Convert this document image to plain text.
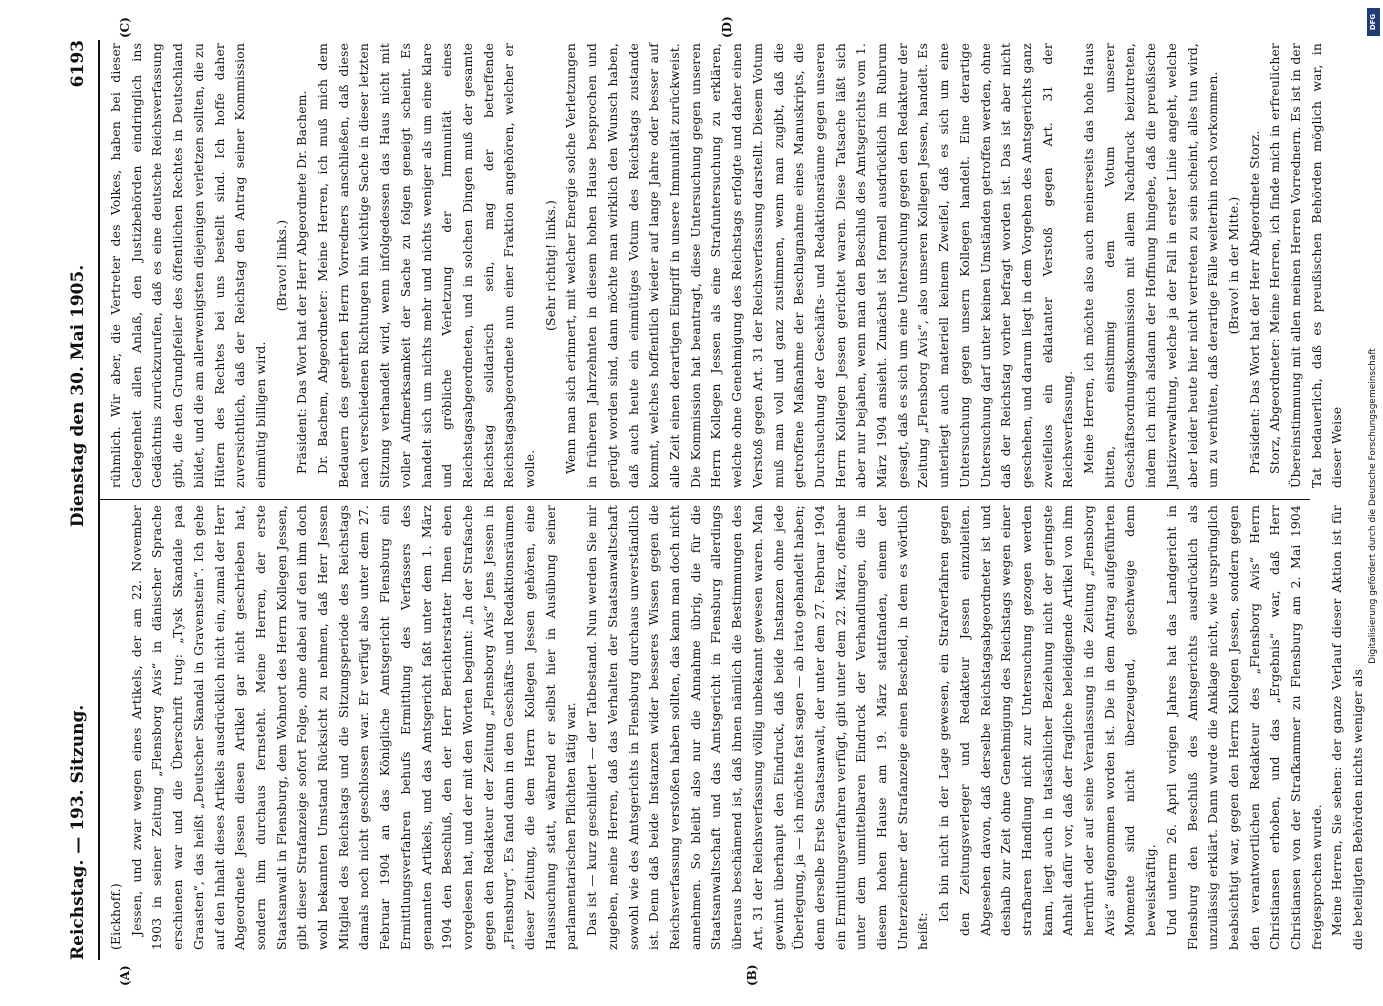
Reichstag. — 193. Sitzung.
Dienstag den 30. Mai 1905.
6193
(A)	(B)
(C)	(D)

(Eickhoff.) Jessen, und zwar wegen eines Artikels, der am 22. November 1903 in seiner Zeitung „Flensborg Avis“ in dänischer Sprache erschienen war und die Überschrift trug: „Tysk Skandale paa Graasten“, das heißt „Deutscher Skandal in Gravenstein“. Ich gehe auf den Inhalt dieses Artikels ausdrücklich nicht ein, zumal der Herr Abgeordnete Jessen diesen Artikel gar nicht geschrieben hat, sondern ihm durchaus fernsteht. Meine Herren, der erste Staatsanwalt in Flensburg, dem Wohnort des Herrn Kollegen Jessen, gibt dieser Strafanzeige sofort Folge, ohne dabei auf den ihm doch wohl bekannten Umstand Rücksicht zu nehmen, daß Herr Jessen Mitglied des Reichstags und die Sitzungsperiode des Reichstags damals noch nicht geschlossen war. Er verfügt also unter dem 27. Februar 1904 an das Königliche Amtsgericht Flensburg ein Ermittlungsverfahren behufs Ermittlung des Verfassers des genannten Artikels, und das Amtsgericht faßt unter dem 1. März 1904 den Beschluß, den der Herr Berichterstatter Ihnen eben vorgelesen hat, und der mit den Worten beginnt: „In der Strafsache gegen den Redakteur der Zeitung „Flensborg Avis“ Jens Jessen in „Flensburg“. Es fand dann in den Geschäfts- und Redaktionsräumen dieser Zeitung, die dem Herrn Kollegen Jessen gehören, eine Haussuchung statt, während er selbst hier in Ausübung seiner parlamentarischen Pflichten tätig war. Das ist — kurz geschildert — der Tatbestand. Nun werden Sie mir zugeben, meine Herren, daß das Verhalten der Staatsanwaltschaft sowohl wie des Amtsgerichts in Flensburg durchaus unverständlich ist. Denn daß beide Instanzen wider besseres Wissen gegen die Reichsverfassung verstoßen haben sollten, das kann man doch nicht annehmen. So bleibt also nur die Annahme übrig, die für die Staatsanwaltschaft und das Amtsgericht in Flensburg allerdings überaus beschämend ist, daß ihnen nämlich die Bestimmungen des Art. 31 der Reichsverfassung völlig unbekannt gewesen waren. Man gewinnt überhaupt den Eindruck, daß beide Instanzen ohne jede Überlegung, ja — ich möchte fast sagen — ab irato gehandelt haben; denn derselbe Erste Staatsanwalt, der unter dem 27. Februar 1904 ein Ermittlungsverfahren verfügt, gibt unter dem 22. März, offenbar unter dem unmittelbaren Eindruck der Verhandlungen, die in diesem hohen Hause am 19. März stattfanden, einem der Unterzeichner der Strafanzeige einen Bescheid, in dem es wörtlich heißt:

Ich bin nicht in der Lage gewesen, ein Strafverfahren gegen den Zeitungsverleger und Redakteur Jessen einzuleiten. Abgesehen davon, daß derselbe Reichstagsabgeordneter ist und deshalb zur Zeit ohne Genehmigung des Reichstags wegen einer strafbaren Handlung nicht zur Untersuchung gezogen werden kann, liegt auch in tatsächlicher Beziehung nicht der geringste Anhalt dafür vor, daß der fragliche beleidigende Artikel von ihm herrührt oder auf seine Veranlassung in die Zeitung „Flensborg Avis“ aufgenommen worden ist. Die in dem Antrag aufgeführten Momente sind nicht überzeugend, geschweige denn beweiskräftig. Und unterm 26. April vorigen Jahres hat das Landgericht in Flensburg den Beschluß des Amtsgerichts ausdrücklich als unzulässig erklärt. Dann wurde die Anklage nicht, wie ursprünglich beabsichtigt war, gegen den Herrn Kollegen Jessen, sondern gegen den verantwortlichen Redakteur des „Flensborg Avis“ Herrn Christiansen erhoben, und das „Ergebnis“ war, daß Herr Christiansen von der Strafkammer zu Flensburg am 2. Mai 1904 freigesprochen wurde. Meine Herren, Sie sehen: der ganze Verlauf dieser Aktion ist für die beteiligten Behörden nichts weniger als

rühmlich. Wir aber, die Vertreter des Volkes, haben bei dieser Gelegenheit allen Anlaß, den Justizbehörden eindringlich ins Gedächtnis zurückzurufen, daß es eine deutsche Reichsverfassung gibt, die den Grundpfeiler des öffentlichen Rechtes in Deutschland bildet, und die am allerwenigsten diejenigen verletzen sollten, die zu Hütern des Rechtes bei uns bestellt sind. Ich hoffe daher zuversichtlich, daß der Reichstag den Antrag seiner Kommission einmütig billigen wird.

(Bravo! links.) Präsident: Das Wort hat der Herr Abgeordnete Dr. Bachem. Dr. Bachem, Abgeordneter: Meine Herren, ich muß mich dem Bedauern des geehrten Herrn Vorredners anschließen, daß diese nach verschiedenen Richtungen hin wichtige Sache in dieser letzten Sitzung verhandelt wird, wenn infolgedessen das Haus nicht mit voller Aufmerksamkeit der Sache zu folgen geneigt scheint. Es handelt sich um nichts mehr und nichts weniger als um eine klare und gröbliche Verletzung der Immunität eines Reichstagsabgeordneten, und in solchen Dingen muß der gesamte Reichstag solidarisch sein, mag der betreffende Reichstagsabgeordnete nun einer Fraktion angehören, welcher er wolle.

(Sehr richtig! links.) Wenn man sich erinnert, mit welcher Energie solche Verletzungen in früheren Jahrzehnten in diesem hohen Hause besprochen und gerügt worden sind, dann möchte man wirklich den Wunsch haben, daß auch heute ein einmütiges Votum des Reichstags zustande kommt, welches hoffentlich wieder auf lange Jahre oder besser auf alle Zeit einen derartigen Eingriff in unsere Immunität zurückweist. Die Kommission hat beantragt, diese Untersuchung gegen unseren Herrn Kollegen Jessen als eine Strafuntersuchung zu erklären, welche ohne Genehmigung des Reichstags erfolgte und daher einen Verstoß gegen Art. 31 der Reichsverfassung darstellt. Diesem Votum muß man voll und ganz zustimmen, wenn man zugibt, daß die getroffene Maßnahme der Beschlagnahme eines Manuskripts, die Durchsuchung der Geschäfts- und Redaktionsräume gegen unseren Herrn Kollegen Jessen gerichtet waren. Diese Tatsache läßt sich aber nur bejahen, wenn man den Beschluß des Amtsgerichts vom 1. März 1904 ansieht. Zunächst ist formell ausdrücklich im Rubrum gesagt, daß es sich um eine Untersuchung gegen den Redakteur der Zeitung „Flensborg Avis“, also unseren Kollegen Jessen, handelt. Es unterliegt auch materiell keinem Zweifel, daß es sich um eine Untersuchung gegen unsern Kollegen handelt. Eine derartige Untersuchung darf unter keinen Umständen getroffen werden, ohne daß der Reichstag vorher befragt worden ist. Das ist aber nicht geschehen, und darum liegt in dem Vorgehen des Amtsgerichts ganz zweifellos ein eklatanter Verstoß gegen Art. 31 der Reichsverfassung. Meine Herren, ich möchte also auch meinerseits das hohe Haus bitten, einstimmig dem Votum unserer Geschäftsordnungskommission mit allem Nachdruck beizutreten, indem ich mich alsdann der Hoffnung hingebe, daß die preußische Justizverwaltung, welche ja der Fall in erster Linie angeht, welche aber leider heute hier nicht vertreten zu sein scheint, alles tun wird, um zu verhüten, daß derartige Fälle weiterhin noch vorkommen. (Bravo! in der Mitte.) Präsident: Das Wort hat der Herr Abgeordnete Storz. Storz, Abgeordneter: Meine Herren, ich finde mich in erfreulicher Übereinstimmung mit allen meinen Herren Vorrednern. Es ist in der Tat bedauerlich, daß es preußischen Behörden möglich war, in dieser Weise

DFG
Digitalisierung gefördert durch die Deutsche Forschungsgemeinschaft
